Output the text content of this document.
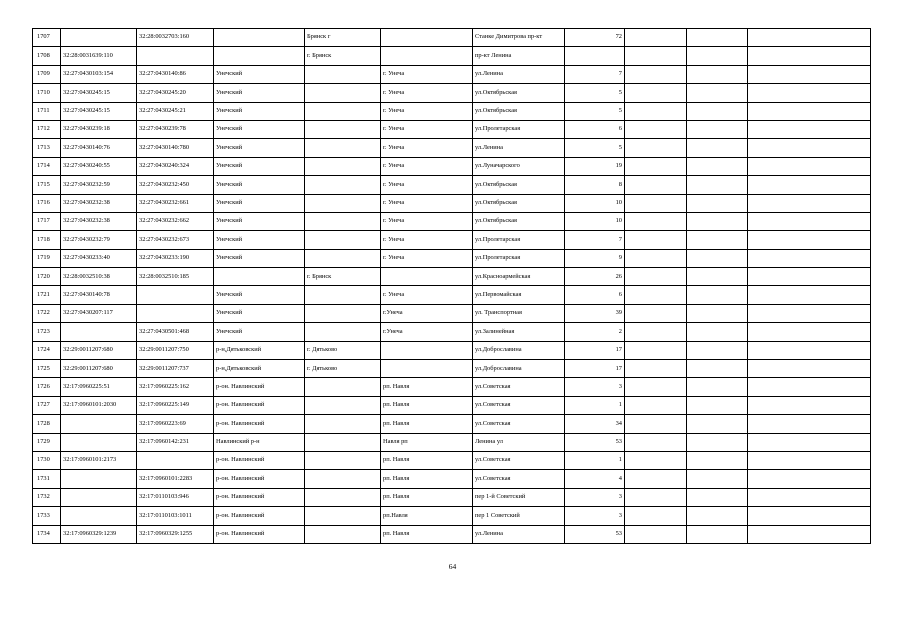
1707		32:28:0032703:160		Брянск г		Станке Димитрова пр-кт	72			
1708	32:28:0031639:110			г. Брянск		пр-кт Ленина				
1709	32:27:0430103:154	32:27:0430140:86	Унечский		г. Унеча	ул.Ленина	7			
1710	32:27:0430245:15	32:27:0430245:20	Унечский		г. Унеча	ул.Октябрьская	5			
1711	32:27:0430245:15	32:27:0430245:21	Унечский		г. Унеча	ул.Октябрьская	5			
1712	32:27:0430239:18	32:27:0430239:78	Унечский		г. Унеча	ул.Пролетарская	6			
1713	32:27:0430140:76	32:27:0430140:780	Унечский		г. Унеча	ул.Ленина	5			
1714	32:27:0430240:55	32:27:0430240:324	Унечский		г. Унеча	ул.Луначарского	19			
1715	32:27:0430232:59	32:27:0430232:450	Унечский		г. Унеча	ул.Октябрьская	8			
1716	32:27:0430232:38	32:27:0430232:661	Унечский		г. Унеча	ул.Октябрьская	10			
1717	32:27:0430232:38	32:27:0430232:662	Унечский		г. Унеча	ул.Октябрьская	10			
1718	32:27:0430232:79	32:27:0430232:673	Унечский		г. Унеча	ул.Пролетарская	7			
1719	32:27:0430233:40	32:27:0430233:190	Унечский		г. Унеча	ул.Пролетарская	9			
1720	32:28:0032510:38	32:28:0032510:185		г. Брянск		ул.Красноармейская	26			
1721	32:27:0430140:78		Унечский		г. Унеча	ул.Первомайская	6			
1722	32:27:0430207:117		Унечский		г.Унеча	ул. Транспортная	39			
1723		32:27:0430501:468	Унечский		г.Унеча	ул.Залинейная	2			
1724	32:29:0011207:680	32:29:0011207:750	р-н,Дятьковский	г. Дятьково		ул.Доброславина	17			
1725	32:29:0011207:680	32:29:0011207:737	р-н,Дятьковский	г. Дятьково		ул.Доброславина	17			
1726	32:17:0960225:51	32:17:0960225:162	р-он. Навлинский		рп. Навля	ул.Советская	3			
1727	32:17:0960101:2030	32:17:0960225:149	р-он. Навлинский		рп. Навля	ул.Советская	1			
1728		32:17:0960223:69	р-он. Навлинский		рп. Навля	ул.Советская	34			
1729		32:17:0960142:231	Навлинский р-н		Навля рп	Ленина ул	53			
1730	32:17:0960101:2173		р-он. Навлинский		рп. Навля	ул.Советская	1			
1731		32:17:0960101:2283	р-он. Навлинский		рп. Навля	ул.Советская	4			
1732		32:17:0110103:946	р-он. Навлинский		рп. Навля	пер 1-й Советский	3			
1733		32:17:0110103:1011	р-он. Навлинский		рп.Навля	пер 1 Советский	3			
1734	32:17:0960329:1239	32:17:0960329:1255	р-он. Навлинский		рп. Навля	ул.Ленина	53			
64
